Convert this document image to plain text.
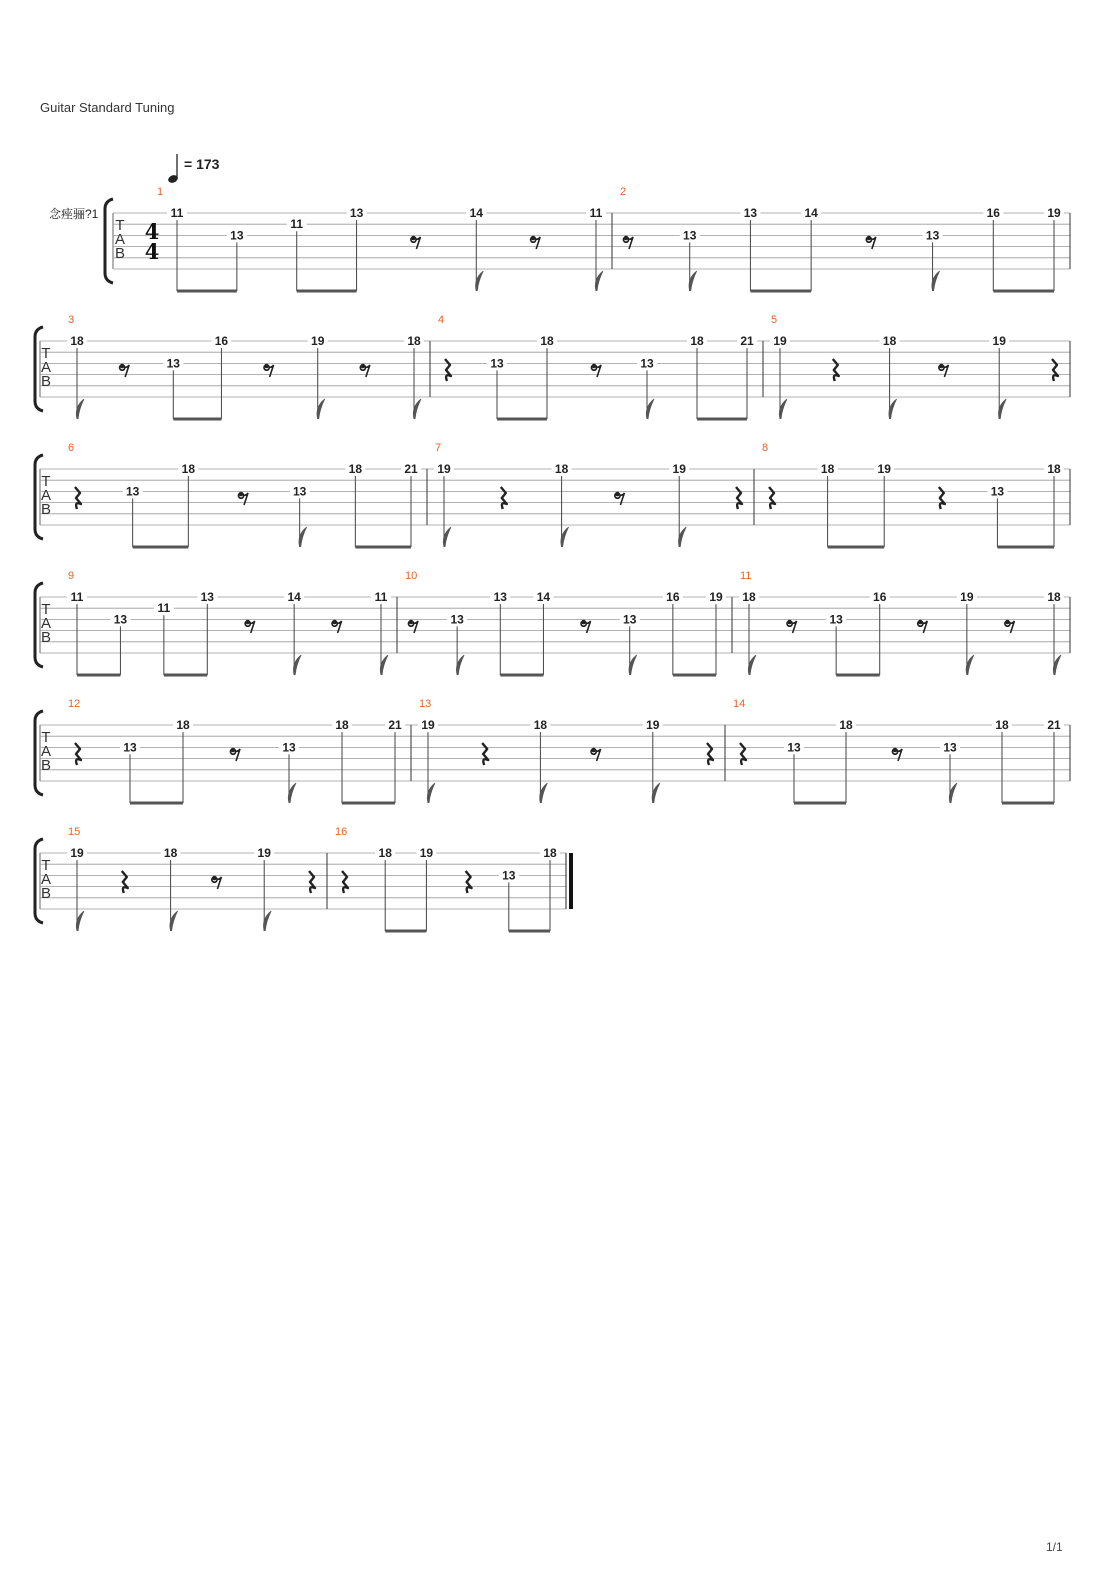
Guitar Standard Tuning
= 173
念痤骊?1
T
A
B
4
4
1
11
13
11
13	14	11
2
13
13	14
13
16	19
T
A
B
3
18
13
16	19	18
4
13
18
13
18	21
5
19	18	19
T
A
B
6
13
18
13
18	21
7
19	18	19
8
18	19
13
18
T
A
B
9
11
13
11
13	14	11
10
13
13 14
13
16 19
11
18
13
16	19	18
T
A
B
12
13
18
13
18	21
13
19	18	19
14
13
18
13
18	21
T
A
B
15
19	18	19
16
18 19
13
18
1/1
